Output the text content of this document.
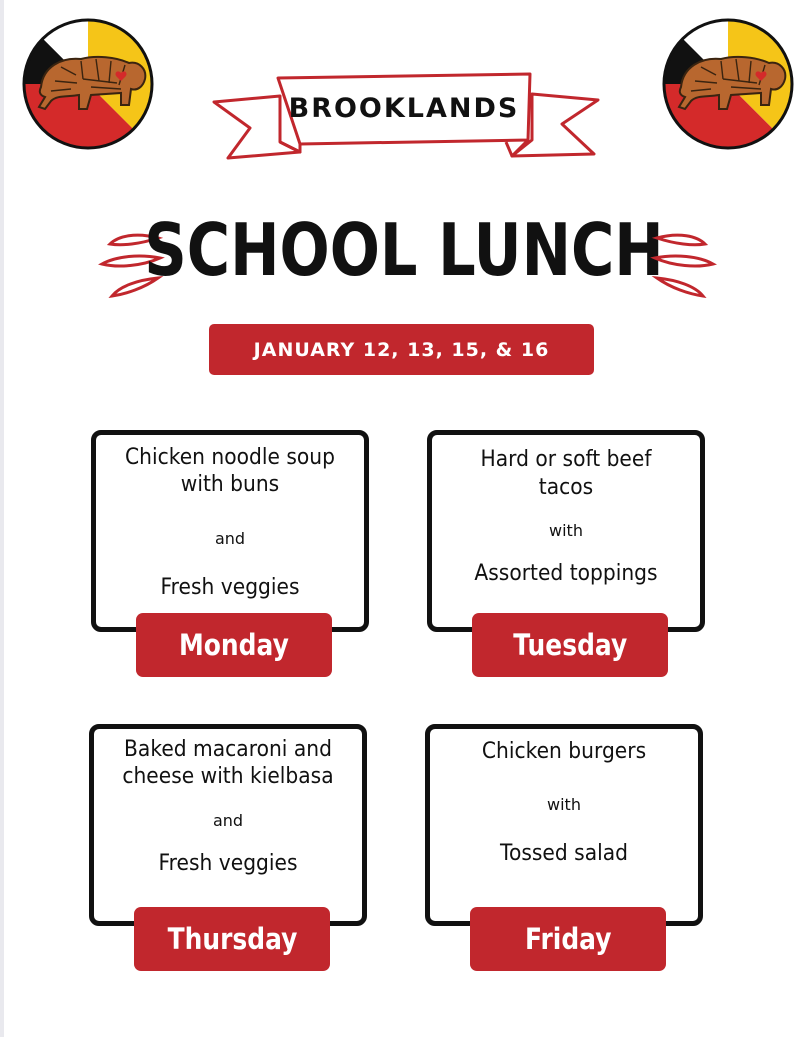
BROOKLANDS
SCHOOL LUNCH
JANUARY 12, 13, 15, & 16
Chicken noodle soup
with buns
and
Fresh veggies
Monday
Hard or soft beef
tacos
with
Assorted toppings
Tuesday
Baked macaroni and
cheese with kielbasa
and
Fresh veggies
Thursday
Chicken burgers
with
Tossed salad
Friday
